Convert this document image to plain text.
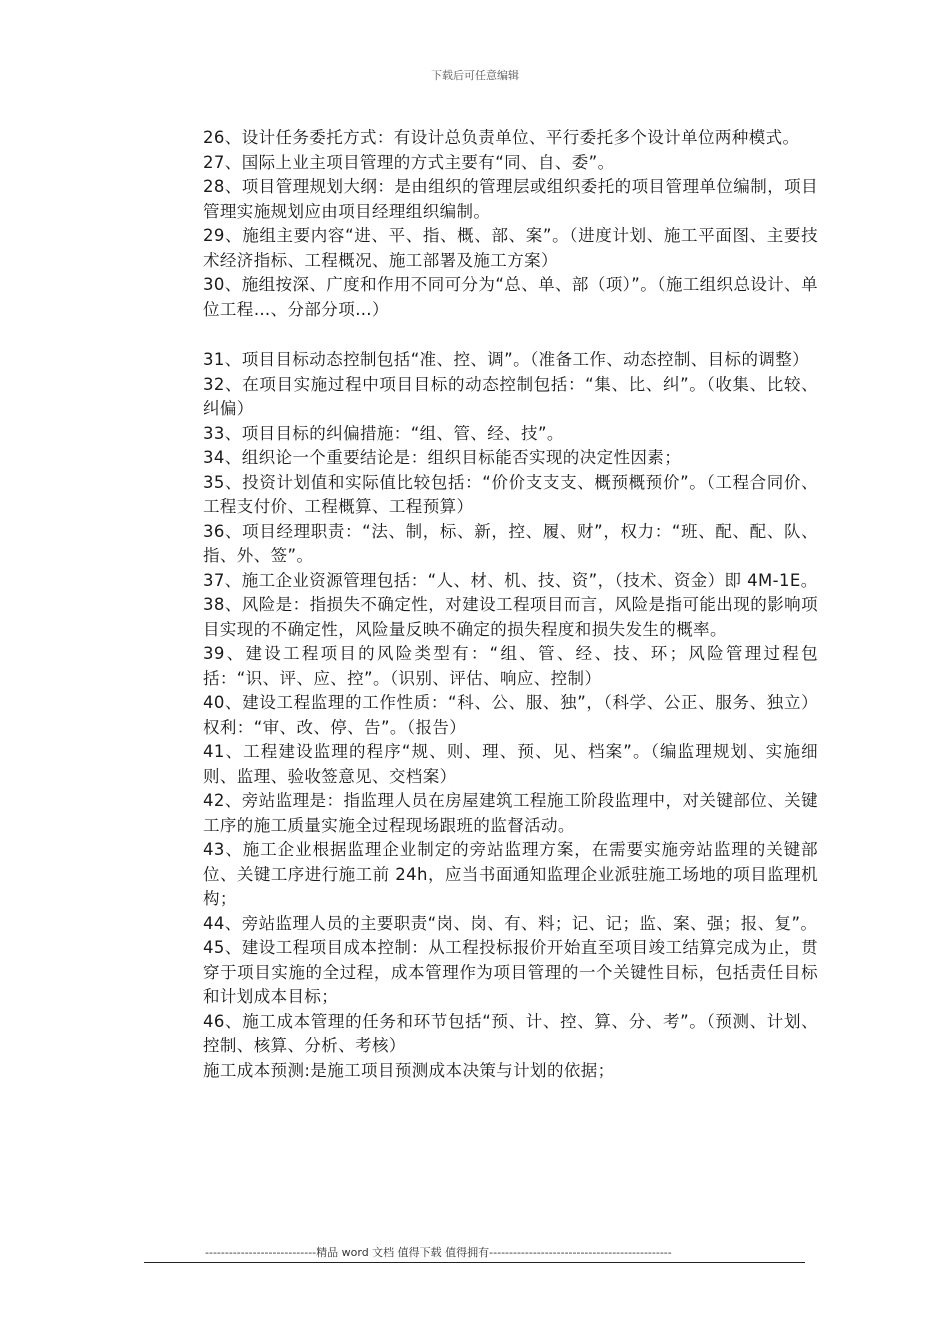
下载后可任意编辑

26、设计任务委托方式：有设计总负责单位、平行委托多个设计单位两种模式。

27、国际上业主项目管理的方式主要有“同、自、委”。

28、项目管理规划大纲：是由组织的管理层或组织委托的项目管理单位编制，项目管理实施规划应由项目经理组织编制。

29、施组主要内容“进、平、指、概、部、案”。（进度计划、施工平面图、主要技术经济指标、工程概况、施工部署及施工方案）

30、施组按深、广度和作用不同可分为“总、单、部（项）”。（施工组织总设计、单位工程…、分部分项…）

31、项目目标动态控制包括“准、控、调”。（准备工作、动态控制、目标的调整）

32、在项目实施过程中项目目标的动态控制包括：“集、比、纠”。（收集、比较、纠偏）

33、项目目标的纠偏措施：“组、管、经、技”。

34、组织论一个重要结论是：组织目标能否实现的决定性因素；

35、投资计划值和实际值比较包括：“价价支支支、概预概预价”。（工程合同价、工程支付价、工程概算、工程预算）

36、项目经理职责：“法、制，标、新，控、履、财”，权力：“班、配、配、队、指、外、签”。

37、施工企业资源管理包括：“人、材、机、技、资”，（技术、资金）即 4M-1E。

38、风险是：指损失不确定性，对建设工程项目而言，风险是指可能出现的影响项目实现的不确定性，风险量反映不确定的损失程度和损失发生的概率。

39、建设工程项目的风险类型有：“组、管、经、技、环；风险管理过程包括：“识、评、应、控”。（识别、评估、响应、控制）

40、建设工程监理的工作性质：“科、公、服、独”，（科学、公正、服务、独立）权利：“审、改、停、告”。（报告）

41、工程建设监理的程序“规、则、理、预、见、档案”。（编监理规划、实施细则、监理、验收签意见、交档案）

42、旁站监理是：指监理人员在房屋建筑工程施工阶段监理中，对关键部位、关键工序的施工质量实施全过程现场跟班的监督活动。

43、施工企业根据监理企业制定的旁站监理方案，在需要实施旁站监理的关键部位、关键工序进行施工前 24h，应当书面通知监理企业派驻施工场地的项目监理机构；

44、旁站监理人员的主要职责“岗、岗、有、料；记、记；监、案、强；报、复”。

45、建设工程项目成本控制：从工程投标报价开始直至项目竣工结算完成为止，贯穿于项目实施的全过程，成本管理作为项目管理的一个关键性目标，包括责任目标和计划成本目标；

46、施工成本管理的任务和环节包括“预、计、控、算、分、考”。（预测、计划、控制、核算、分析、考核）

施工成本预测:是施工项目预测成本决策与计划的依据；

----------------------------精品 word 文档 值得下载 值得拥有----------------------------------------------
